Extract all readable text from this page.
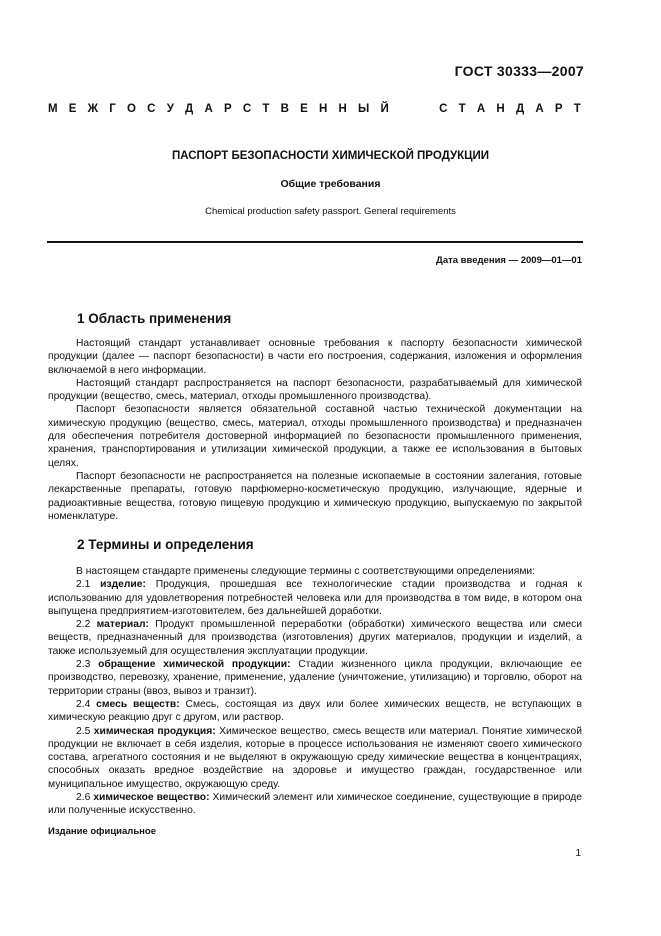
ГОСТ 30333—2007
М Е Ж Г О С У Д А Р С Т В Е Н Н Ы Й	С Т А Н Д А Р Т
ПАСПОРТ БЕЗОПАСНОСТИ ХИМИЧЕСКОЙ ПРОДУКЦИИ
Общие требования
Chemical production safety passport. General requirements
Дата введения — 2009—01—01
1 Область применения

Настоящий стандарт устанавливает основные требования к паспорту безопасности химической продукции (далее — паспорт безопасности) в части его построения, содержания, изложения и оформления включаемой в него информации.

Настоящий стандарт распространяется на паспорт безопасности, разрабатываемый для химической продукции (вещество, смесь, материал, отходы промышленного производства).

Паспорт безопасности является обязательной составной частью технической документации на химическую продукцию (вещество, смесь, материал, отходы промышленного производства) и предназначен для обеспечения потребителя достоверной информацией по безопасности промышленного применения, хранения, транспортирования и утилизации химической продукции, а также ее использования в бытовых целях.

Паспорт безопасности не распространяется на полезные ископаемые в состоянии залегания, готовые лекарственные препараты, готовую парфюмерно-косметическую продукцию, излучающие, ядерные и радиоактивные вещества, готовую пищевую продукцию и химическую продукцию, выпускаемую по закрытой номенклатуре.

2 Термины и определения

В настоящем стандарте применены следующие термины с соответствующими определениями:

2.1 изделие: Продукция, прошедшая все технологические стадии производства и годная к использованию для удовлетворения потребностей человека или для производства в том виде, в котором она выпущена предприятием-изготовителем, без дальнейшей доработки.

2.2 материал: Продукт промышленной переработки (обработки) химического вещества или смеси веществ, предназначенный для производства (изготовления) других материалов, продукции и изделий, а также используемый для осуществления эксплуатации продукции.

2.3 обращение химической продукции: Стадии жизненного цикла продукции, включающие ее производство, перевозку, хранение, применение, удаление (уничтожение, утилизацию) и торговлю, оборот на территории страны (ввоз, вывоз и транзит).

2.4 смесь веществ: Смесь, состоящая из двух или более химических веществ, не вступающих в химическую реакцию друг с другом, или раствор.

2.5 химическая продукция: Химическое вещество, смесь веществ или материал. Понятие химической продукции не включает в себя изделия, которые в процессе использования не изменяют своего химического состава, агрегатного состояния и не выделяют в окружающую среду химические вещества в концентрациях, способных оказать вредное воздействие на здоровье и имущество граждан, государственное или муниципальное имущество, окружающую среду.

2.6 химическое вещество: Химический элемент или химическое соединение, существующие в природе или полученные искусственно.

Издание официальное
1
